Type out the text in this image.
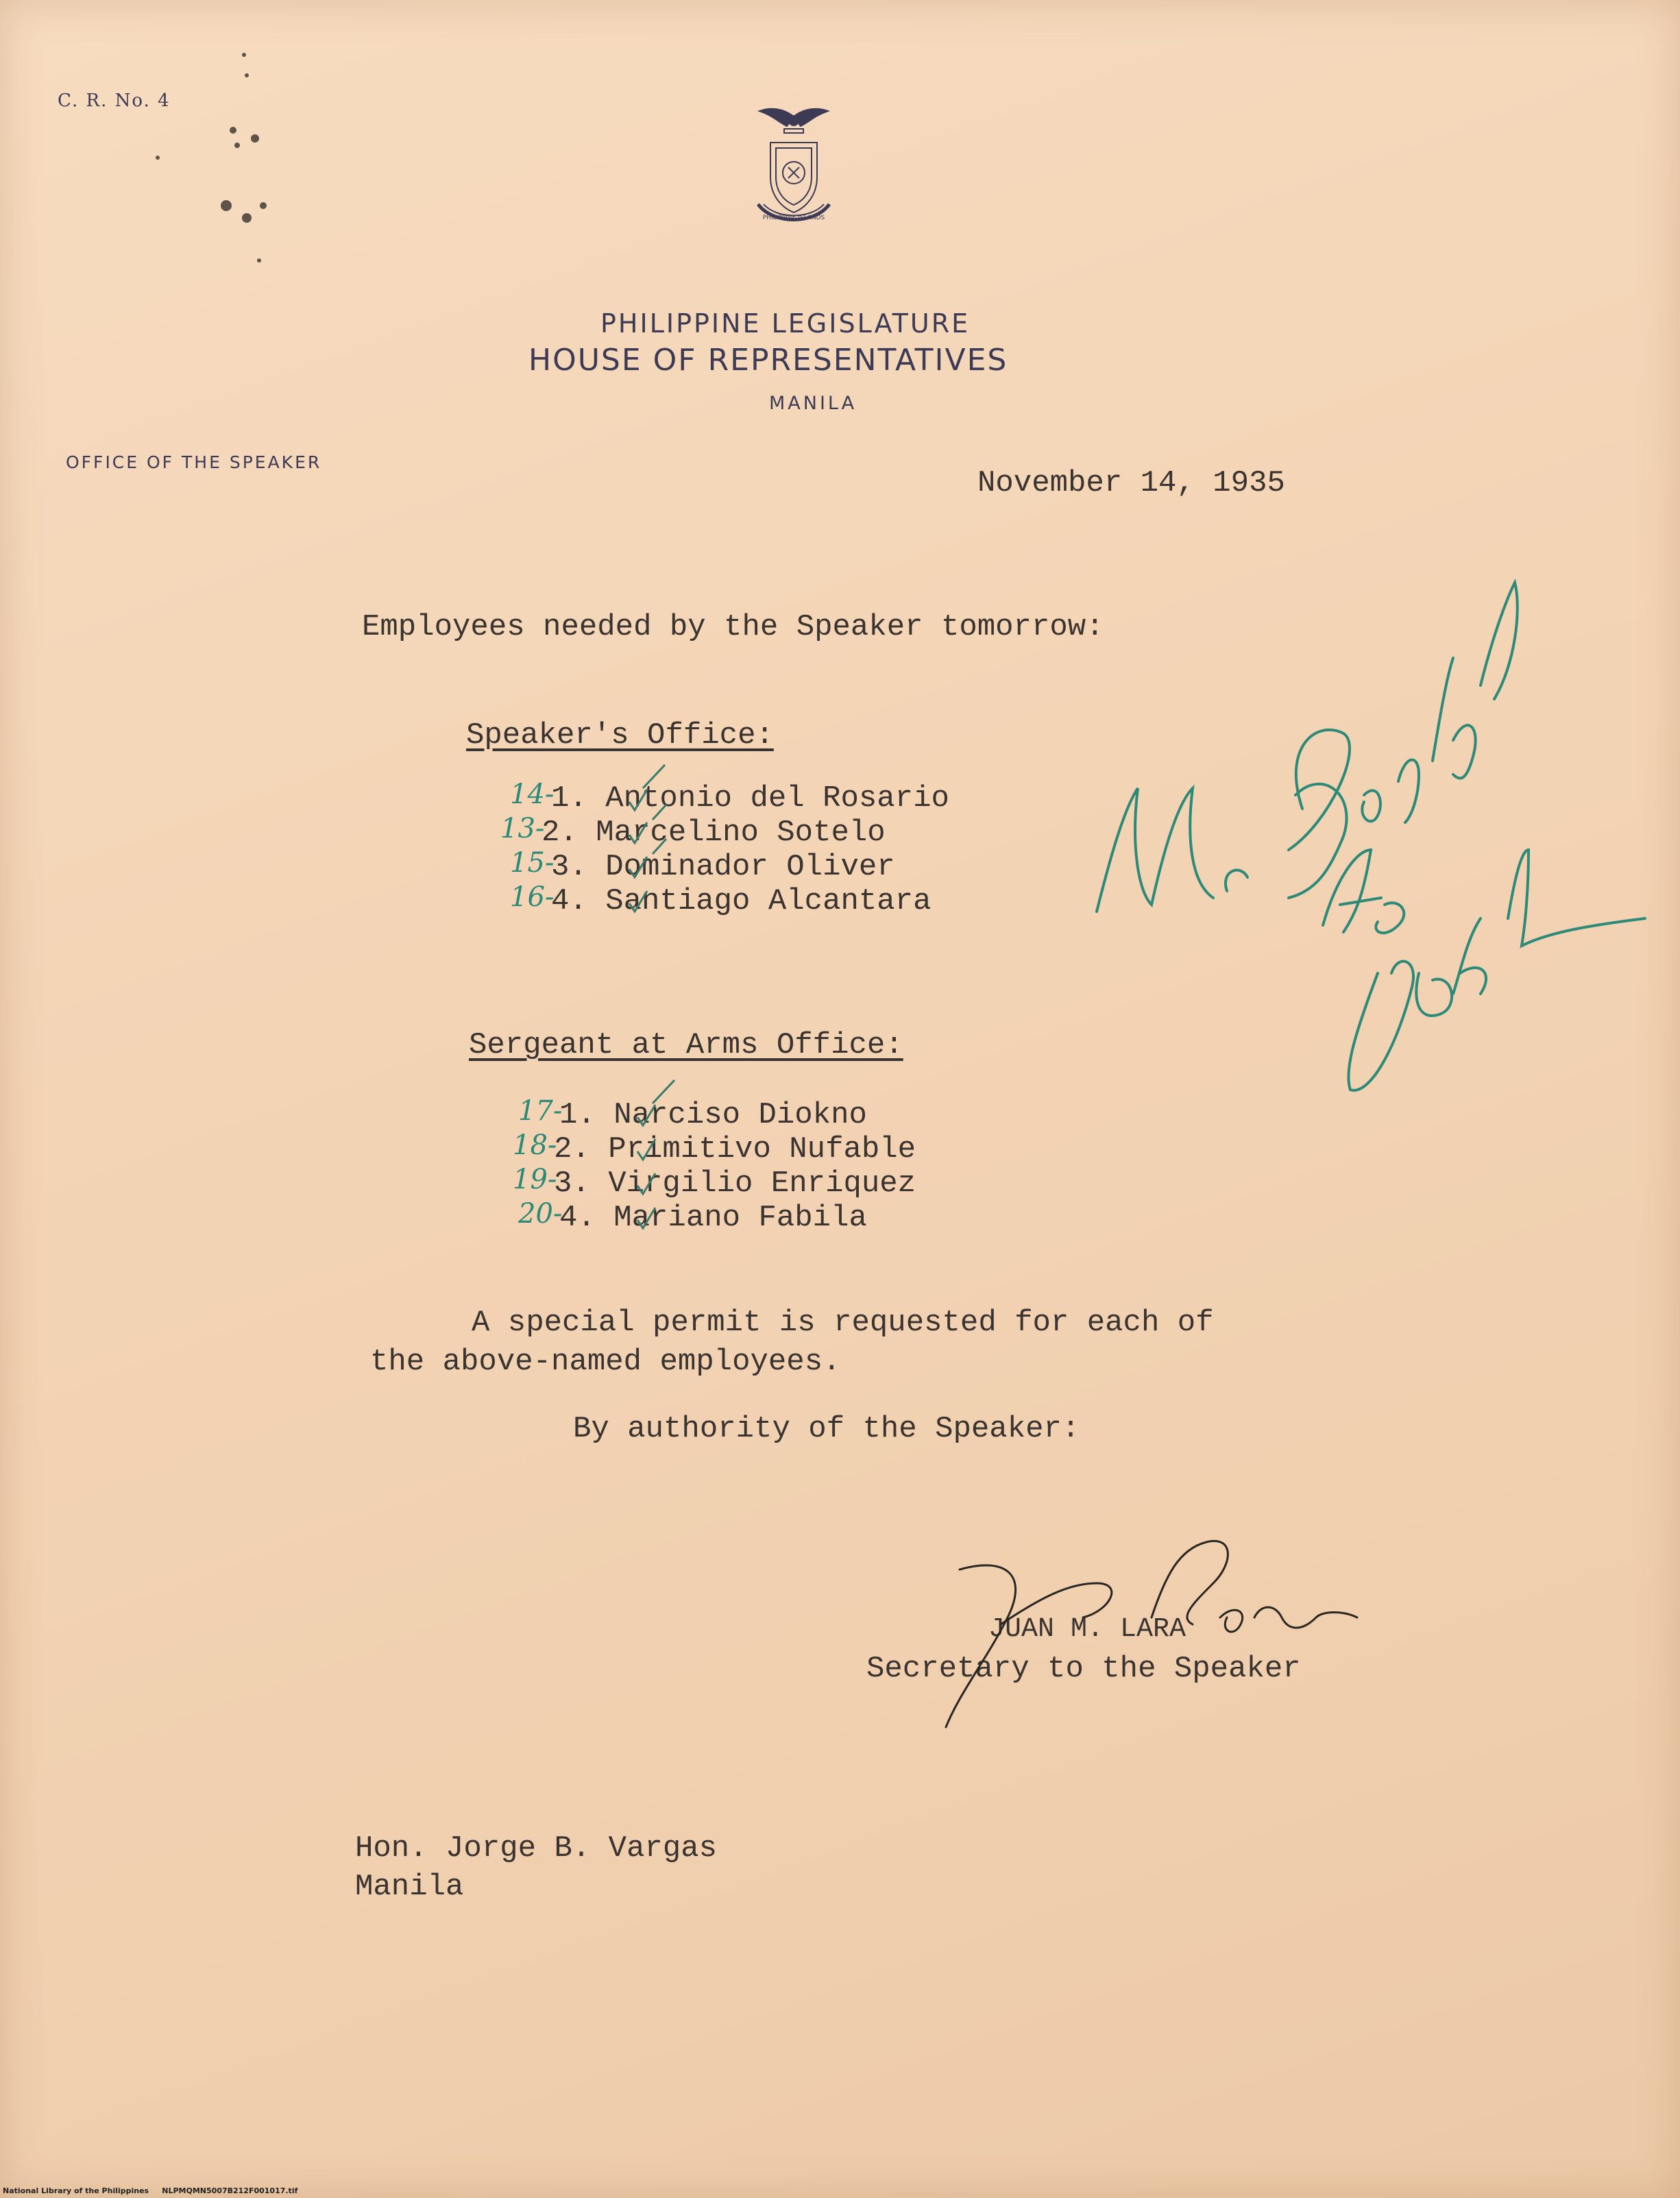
C. R. No. 4
PHILIPPINE ISLANDS
PHILIPPINE LEGISLATURE
HOUSE OF REPRESENTATIVES
MANILA
OFFICE OF THE SPEAKER
November 14, 1935
Employees needed by the Speaker tomorrow:
Speaker's Office:

14-

1. Antonio del Rosario

13-

2. Marcelino Sotelo

15-

3. Dominador Oliver

16-

4. Santiago Alcantara

Sergeant at Arms Office:

17-

1. Narciso Diokno

18-

2. Primitivo Nufable

19-

3. Virgilio Enriquez

20-

4. Mariano Fabila

A special permit is requested for each of
the above-named employees.
By authority of the Speaker:
JUAN M. LARA
Secretary to the Speaker
Hon. Jorge B. Vargas
Manila
National Library of the Philippines     NLPMQMN5007B212F001017.tif
